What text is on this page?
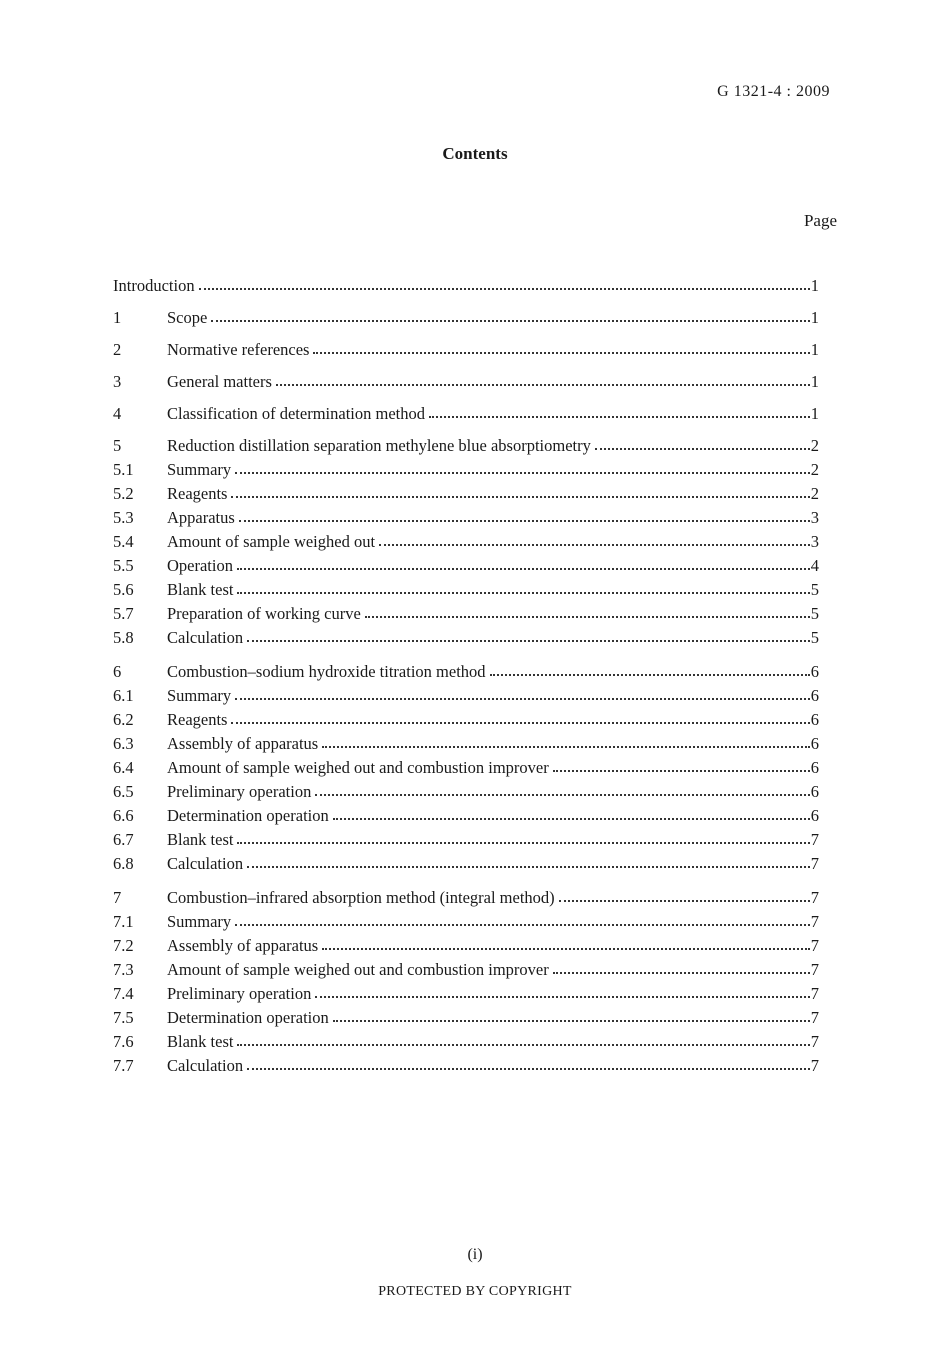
G 1321-4 : 2009
Contents
Page
Introduction	1
1	Scope	1
2	Normative references	1
3	General matters	1
4	Classification of determination method	1
5	Reduction distillation separation methylene blue absorptiometry	2
5.1	Summary	2
5.2	Reagents	2
5.3	Apparatus	3
5.4	Amount of sample weighed out	3
5.5	Operation	4
5.6	Blank test	5
5.7	Preparation of working curve	5
5.8	Calculation	5
6	Combustion–sodium hydroxide titration method	6
6.1	Summary	6
6.2	Reagents	6
6.3	Assembly of apparatus	6
6.4	Amount of sample weighed out and combustion improver	6
6.5	Preliminary operation	6
6.6	Determination operation	6
6.7	Blank test	7
6.8	Calculation	7
7	Combustion–infrared absorption method (integral method)	7
7.1	Summary	7
7.2	Assembly of apparatus	7
7.3	Amount of sample weighed out and combustion improver	7
7.4	Preliminary operation	7
7.5	Determination operation	7
7.6	Blank test	7
7.7	Calculation	7
(i)
PROTECTED BY COPYRIGHT
